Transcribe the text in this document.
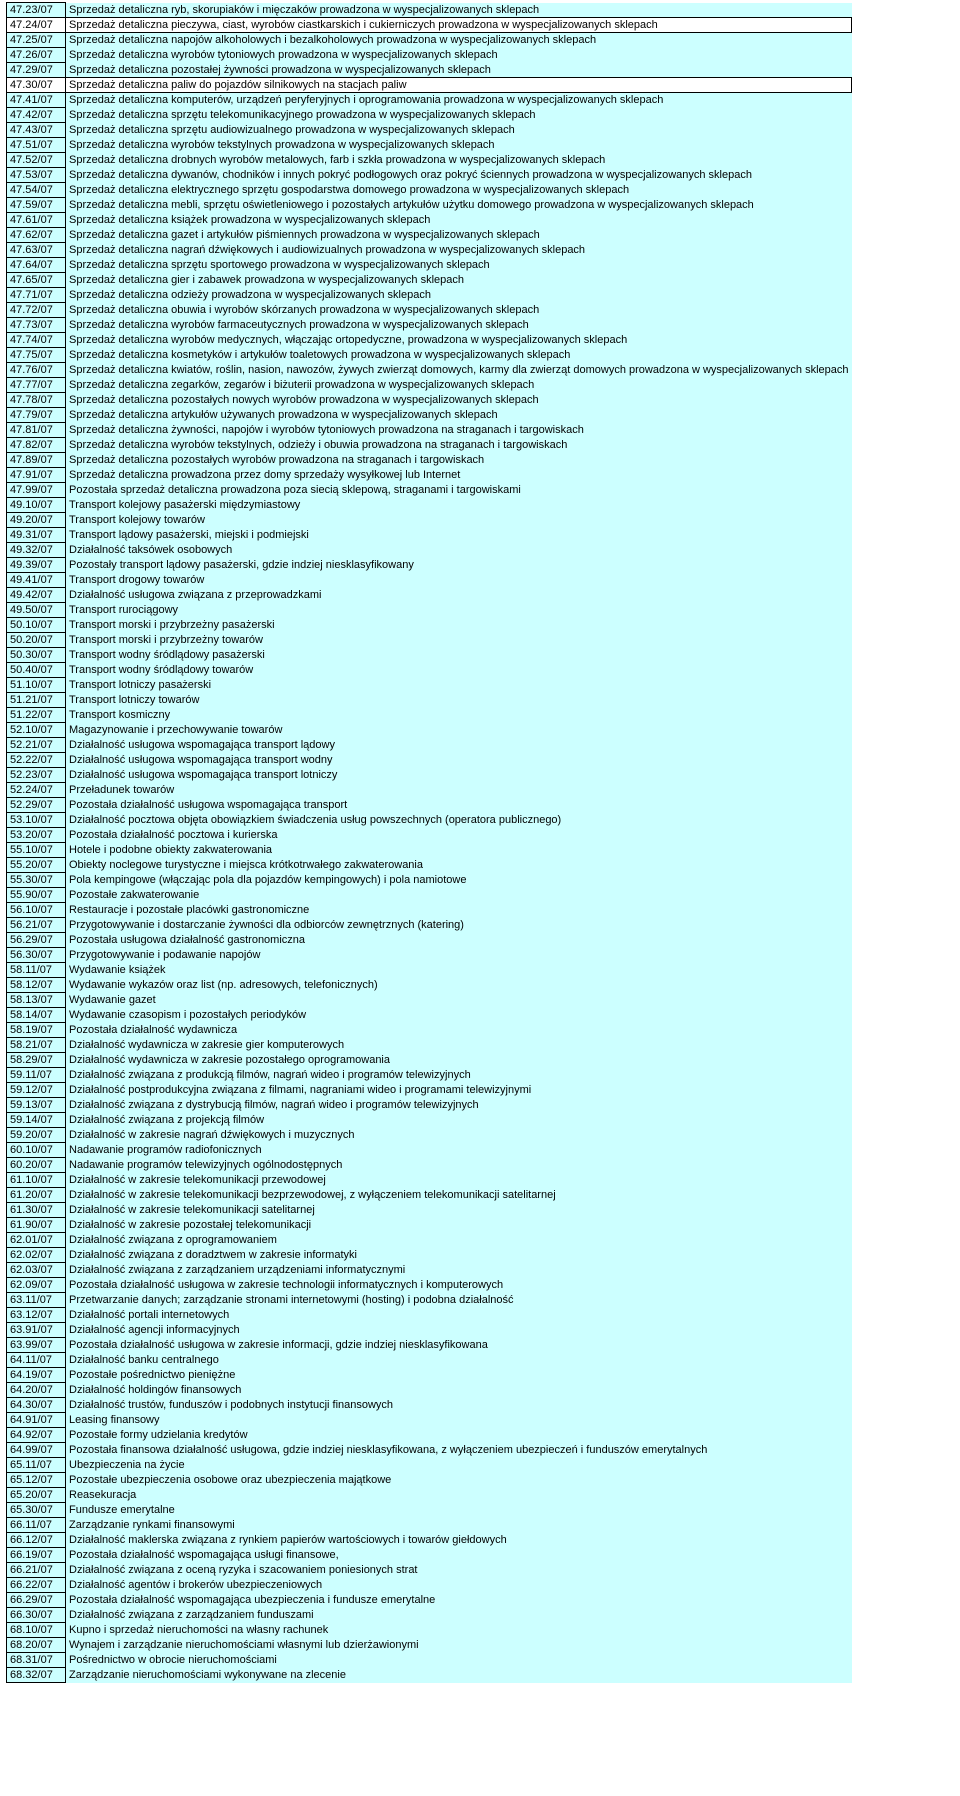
47.23/07	Sprzedaż detaliczna ryb, skorupiaków i mięczaków prowadzona w wyspecjalizowanych sklepach
47.24/07	Sprzedaż detaliczna pieczywa, ciast, wyrobów ciastkarskich i cukierniczych prowadzona w wyspecjalizowanych sklepach
47.25/07	Sprzedaż detaliczna napojów alkoholowych i bezalkoholowych prowadzona w wyspecjalizowanych sklepach
47.26/07	Sprzedaż detaliczna wyrobów tytoniowych prowadzona w wyspecjalizowanych sklepach
47.29/07	Sprzedaż detaliczna pozostałej żywności prowadzona w wyspecjalizowanych sklepach
47.30/07	Sprzedaż detaliczna paliw do pojazdów silnikowych na stacjach paliw
47.41/07	Sprzedaż detaliczna komputerów, urządzeń peryferyjnych i oprogramowania prowadzona w wyspecjalizowanych sklepach
47.42/07	Sprzedaż detaliczna sprzętu telekomunikacyjnego prowadzona w wyspecjalizowanych sklepach
47.43/07	Sprzedaż detaliczna sprzętu audiowizualnego prowadzona w wyspecjalizowanych sklepach
47.51/07	Sprzedaż detaliczna wyrobów tekstylnych prowadzona w wyspecjalizowanych sklepach
47.52/07	Sprzedaż detaliczna drobnych wyrobów metalowych, farb i szkła prowadzona w wyspecjalizowanych sklepach
47.53/07	Sprzedaż detaliczna dywanów, chodników i innych pokryć podłogowych oraz pokryć ściennych prowadzona w wyspecjalizowanych sklepach
47.54/07	Sprzedaż detaliczna elektrycznego sprzętu gospodarstwa domowego prowadzona w wyspecjalizowanych sklepach
47.59/07	Sprzedaż detaliczna mebli, sprzętu oświetleniowego i pozostałych artykułów użytku domowego prowadzona w wyspecjalizowanych sklepach
47.61/07	Sprzedaż detaliczna książek prowadzona w wyspecjalizowanych sklepach
47.62/07	Sprzedaż detaliczna gazet i artykułów piśmiennych prowadzona w wyspecjalizowanych sklepach
47.63/07	Sprzedaż detaliczna nagrań dźwiękowych i audiowizualnych prowadzona w wyspecjalizowanych sklepach
47.64/07	Sprzedaż detaliczna sprzętu sportowego prowadzona w wyspecjalizowanych sklepach
47.65/07	Sprzedaż detaliczna gier i zabawek prowadzona w wyspecjalizowanych sklepach
47.71/07	Sprzedaż detaliczna odzieży prowadzona w wyspecjalizowanych sklepach
47.72/07	Sprzedaż detaliczna obuwia i wyrobów skórzanych prowadzona w wyspecjalizowanych sklepach
47.73/07	Sprzedaż detaliczna wyrobów farmaceutycznych prowadzona w wyspecjalizowanych sklepach
47.74/07	Sprzedaż detaliczna wyrobów medycznych, włączając ortopedyczne, prowadzona w wyspecjalizowanych sklepach
47.75/07	Sprzedaż detaliczna kosmetyków i artykułów toaletowych prowadzona w wyspecjalizowanych sklepach
47.76/07	Sprzedaż detaliczna kwiatów, roślin, nasion, nawozów, żywych zwierząt domowych, karmy dla zwierząt domowych prowadzona w wyspecjalizowanych sklepach
47.77/07	Sprzedaż detaliczna zegarków, zegarów i biżuterii prowadzona w wyspecjalizowanych sklepach
47.78/07	Sprzedaż detaliczna pozostałych nowych wyrobów prowadzona w wyspecjalizowanych sklepach
47.79/07	Sprzedaż detaliczna artykułów używanych prowadzona w wyspecjalizowanych sklepach
47.81/07	Sprzedaż detaliczna żywności, napojów i wyrobów tytoniowych prowadzona na straganach i targowiskach
47.82/07	Sprzedaż detaliczna wyrobów tekstylnych, odzieży i obuwia prowadzona na straganach i targowiskach
47.89/07	Sprzedaż detaliczna pozostałych wyrobów prowadzona na straganach i targowiskach
47.91/07	Sprzedaż detaliczna prowadzona przez domy sprzedaży wysyłkowej lub Internet
47.99/07	Pozostała sprzedaż detaliczna prowadzona poza siecią sklepową, straganami i targowiskami
49.10/07	Transport kolejowy pasażerski międzymiastowy
49.20/07	Transport kolejowy towarów
49.31/07	Transport lądowy pasażerski, miejski i podmiejski
49.32/07	Działalność taksówek osobowych
49.39/07	Pozostały transport lądowy pasażerski, gdzie indziej niesklasyfikowany
49.41/07	Transport drogowy towarów
49.42/07	Działalność usługowa związana z przeprowadzkami
49.50/07	Transport rurociągowy
50.10/07	Transport morski i przybrzeżny pasażerski
50.20/07	Transport morski i przybrzeżny towarów
50.30/07	Transport wodny śródlądowy pasażerski
50.40/07	Transport wodny śródlądowy towarów
51.10/07	Transport lotniczy pasażerski
51.21/07	Transport lotniczy towarów
51.22/07	Transport kosmiczny
52.10/07	Magazynowanie i przechowywanie towarów
52.21/07	Działalność usługowa wspomagająca transport lądowy
52.22/07	Działalność usługowa wspomagająca transport wodny
52.23/07	Działalność usługowa wspomagająca transport lotniczy
52.24/07	Przeładunek towarów
52.29/07	Pozostała działalność usługowa wspomagająca transport
53.10/07	Działalność pocztowa objęta obowiązkiem świadczenia usług powszechnych (operatora publicznego)
53.20/07	Pozostała działalność pocztowa i kurierska
55.10/07	Hotele i podobne obiekty zakwaterowania
55.20/07	Obiekty noclegowe turystyczne i miejsca krótkotrwałego zakwaterowania
55.30/07	Pola kempingowe (włączając pola dla pojazdów kempingowych) i pola namiotowe
55.90/07	Pozostałe zakwaterowanie
56.10/07	Restauracje i pozostałe placówki gastronomiczne
56.21/07	Przygotowywanie i dostarczanie żywności dla odbiorców zewnętrznych (katering)
56.29/07	Pozostała usługowa działalność gastronomiczna
56.30/07	Przygotowywanie i podawanie napojów
58.11/07	Wydawanie książek
58.12/07	Wydawanie wykazów oraz list (np. adresowych, telefonicznych)
58.13/07	Wydawanie gazet
58.14/07	Wydawanie czasopism i pozostałych periodyków
58.19/07	Pozostała działalność wydawnicza
58.21/07	Działalność wydawnicza w zakresie gier komputerowych
58.29/07	Działalność wydawnicza w zakresie pozostałego oprogramowania
59.11/07	Działalność związana z produkcją filmów, nagrań wideo i programów telewizyjnych
59.12/07	Działalność postprodukcyjna związana z filmami, nagraniami wideo i programami telewizyjnymi
59.13/07	Działalność związana z dystrybucją filmów, nagrań wideo i programów telewizyjnych
59.14/07	Działalność związana z projekcją filmów
59.20/07	Działalność w zakresie nagrań dźwiękowych i muzycznych
60.10/07	Nadawanie programów radiofonicznych
60.20/07	Nadawanie programów telewizyjnych ogólnodostępnych
61.10/07	Działalność w zakresie telekomunikacji przewodowej
61.20/07	Działalność w zakresie telekomunikacji bezprzewodowej, z wyłączeniem telekomunikacji satelitarnej
61.30/07	Działalność w zakresie telekomunikacji satelitarnej
61.90/07	Działalność w zakresie pozostałej telekomunikacji
62.01/07	Działalność związana z oprogramowaniem
62.02/07	Działalność związana z doradztwem w zakresie informatyki
62.03/07	Działalność związana z zarządzaniem urządzeniami informatycznymi
62.09/07	Pozostała działalność usługowa w zakresie technologii informatycznych i komputerowych
63.11/07	Przetwarzanie danych; zarządzanie stronami internetowymi (hosting) i podobna działalność
63.12/07	Działalność portali internetowych
63.91/07	Działalność agencji informacyjnych
63.99/07	Pozostała działalność usługowa w zakresie informacji, gdzie indziej niesklasyfikowana
64.11/07	Działalność banku centralnego
64.19/07	Pozostałe pośrednictwo pieniężne
64.20/07	Działalność holdingów finansowych
64.30/07	Działalność trustów, funduszów i podobnych instytucji finansowych
64.91/07	Leasing finansowy
64.92/07	Pozostałe formy udzielania kredytów
64.99/07	Pozostała finansowa działalność usługowa, gdzie indziej niesklasyfikowana, z wyłączeniem ubezpieczeń i funduszów emerytalnych
65.11/07	Ubezpieczenia na życie
65.12/07	Pozostałe ubezpieczenia osobowe oraz ubezpieczenia majątkowe
65.20/07	Reasekuracja
65.30/07	Fundusze emerytalne
66.11/07	Zarządzanie rynkami finansowymi
66.12/07	Działalność maklerska związana z rynkiem papierów wartościowych i towarów giełdowych
66.19/07	Pozostała działalność wspomagająca usługi finansowe,
66.21/07	Działalność związana z oceną ryzyka i szacowaniem poniesionych strat
66.22/07	Działalność agentów i brokerów ubezpieczeniowych
66.29/07	Pozostała działalność wspomagająca ubezpieczenia i fundusze emerytalne
66.30/07	Działalność związana z zarządzaniem funduszami
68.10/07	Kupno i sprzedaż nieruchomości na własny rachunek
68.20/07	Wynajem i zarządzanie nieruchomościami własnymi lub dzierżawionymi
68.31/07	Pośrednictwo w obrocie nieruchomościami
68.32/07	Zarządzanie nieruchomościami wykonywane na zlecenie
